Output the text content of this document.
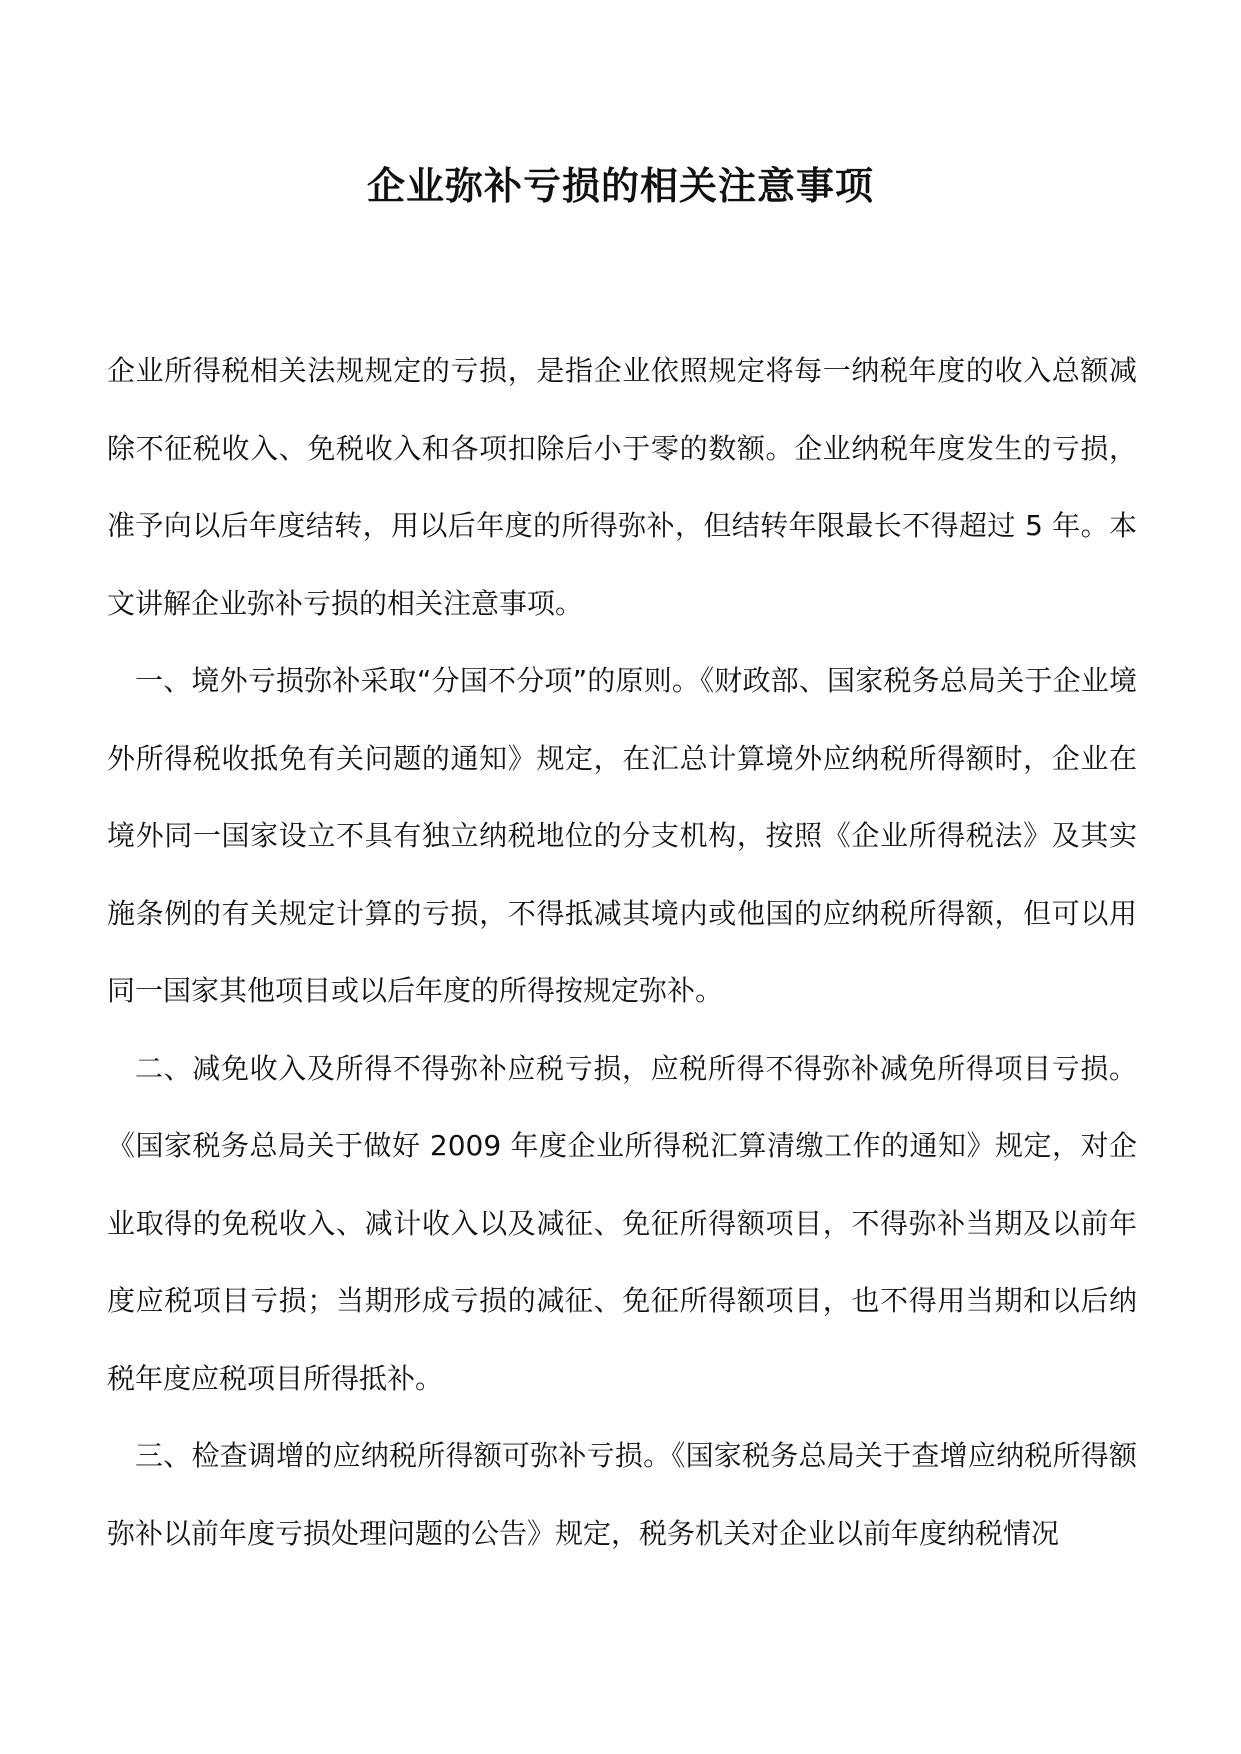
企业弥补亏损的相关注意事项

企业所得税相关法规规定的亏损，是指企业依照规定将每一纳税年度的收入总额减除不征税收入、免税收入和各项扣除后小于零的数额。企业纳税年度发生的亏损，准予向以后年度结转，用以后年度的所得弥补，但结转年限最长不得超过 5 年。本文讲解企业弥补亏损的相关注意事项。

一、境外亏损弥补采取“分国不分项”的原则。《财政部、国家税务总局关于企业境外所得税收抵免有关问题的通知》规定，在汇总计算境外应纳税所得额时，企业在境外同一国家设立不具有独立纳税地位的分支机构，按照《企业所得税法》及其实施条例的有关规定计算的亏损，不得抵减其境内或他国的应纳税所得额，但可以用同一国家其他项目或以后年度的所得按规定弥补。

二、减免收入及所得不得弥补应税亏损，应税所得不得弥补减免所得项目亏损。《国家税务总局关于做好 2009 年度企业所得税汇算清缴工作的通知》规定，对企业取得的免税收入、减计收入以及减征、免征所得额项目，不得弥补当期及以前年度应税项目亏损；当期形成亏损的减征、免征所得额项目，也不得用当期和以后纳税年度应税项目所得抵补。

三、检查调增的应纳税所得额可弥补亏损。《国家税务总局关于查增应纳税所得额弥补以前年度亏损处理问题的公告》规定，税务机关对企业以前年度纳税情况
